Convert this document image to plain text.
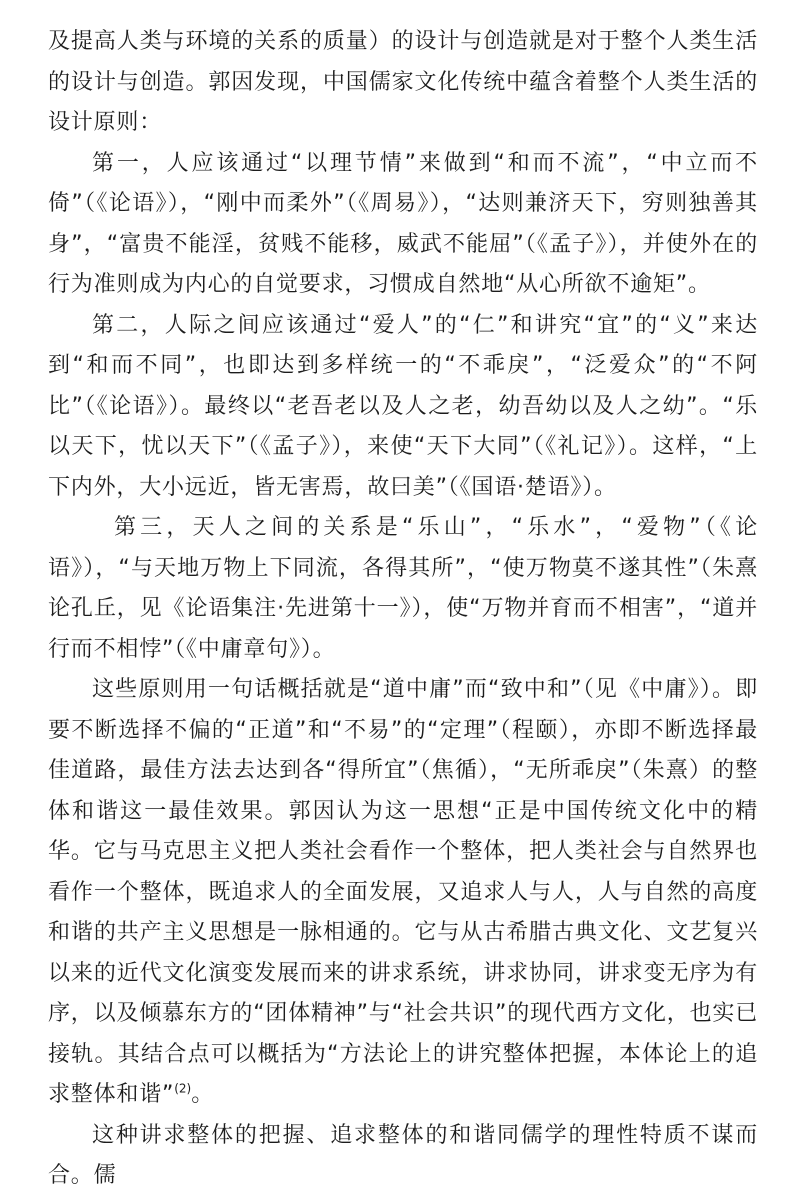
及提高人类与环境的关系的质量）的设计与创造就是对于整个人类生活的设计与创造。郭因发现，中国儒家文化传统中蕴含着整个人类生活的设计原则：

第一，人应该通过“以理节情”来做到“和而不流”，“中立而不倚”（《论语》），“刚中而柔外”（《周易》），“达则兼济天下，穷则独善其身”，“富贵不能淫，贫贱不能移，威武不能屈”（《孟子》），并使外在的行为准则成为内心的自觉要求，习惯成自然地“从心所欲不逾矩”。

第二，人际之间应该通过“爱人”的“仁”和讲究“宜”的“义”来达到“和而不同”，也即达到多样统一的“不乖戾”，“泛爱众”的“不阿比”（《论语》）。最终以“老吾老以及人之老，幼吾幼以及人之幼”。“乐以天下，忧以天下”（《孟子》），来使“天下大同”（《礼记》）。这样，“上下内外，大小远近，皆无害焉，故曰美”（《国语·楚语》）。

第三，天人之间的关系是“乐山”，“乐水”，“爱物”（《论语》），“与天地万物上下同流，各得其所”，“使万物莫不遂其性”（朱熹论孔丘，见《论语集注·先进第十一》），使“万物并育而不相害”，“道并行而不相悖”（《中庸章句》）。

这些原则用一句话概括就是“道中庸”而“致中和”（见《中庸》）。即要不断选择不偏的“正道”和“不易”的“定理”（程颐），亦即不断选择最佳道路，最佳方法去达到各“得所宜”（焦循），“无所乖戾”（朱熹）的整体和谐这一最佳效果。郭因认为这一思想“正是中国传统文化中的精华。它与马克思主义把人类社会看作一个整体，把人类社会与自然界也看作一个整体，既追求人的全面发展，又追求人与人，人与自然的高度和谐的共产主义思想是一脉相通的。它与从古希腊古典文化、文艺复兴以来的近代文化演变发展而来的讲求系统，讲求协同，讲求变无序为有序，以及倾慕东方的“团体精神”与“社会共识”的现代西方文化，也实已接轨。其结合点可以概括为“方法论上的讲究整体把握，本体论上的追求整体和谐”$^{(2)}$。

这种讲求整体的把握、追求整体的和谐同儒学的理性特质不谋而合。儒
